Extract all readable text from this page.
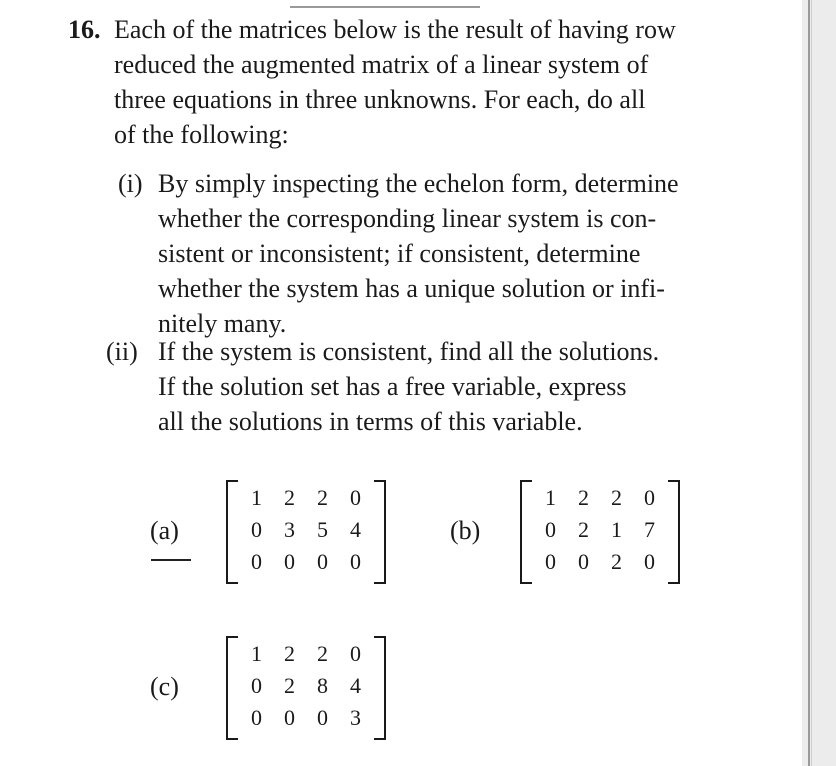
16. Each of the matrices below is the result of having row
reduced the augmented matrix of a linear system of
three equations in three unknowns. For each, do all
of the following:

(i) By simply inspecting the echelon form, determine
whether the corresponding linear system is con-
sistent or inconsistent; if consistent, determine
whether the system has a unique solution or infi-
nitely many.

(ii) If the system is consistent, find all the solutions.
If the solution set has a free variable, express
all the solutions in terms of this variable.

(a)
1	2	2	0
0	3	5	4
0	0	0	0
(b)
1	2	2	0
0	2	1	7
0	0	2	0
(c)
1	2	2	0
0	2	8	4
0	0	0	3
